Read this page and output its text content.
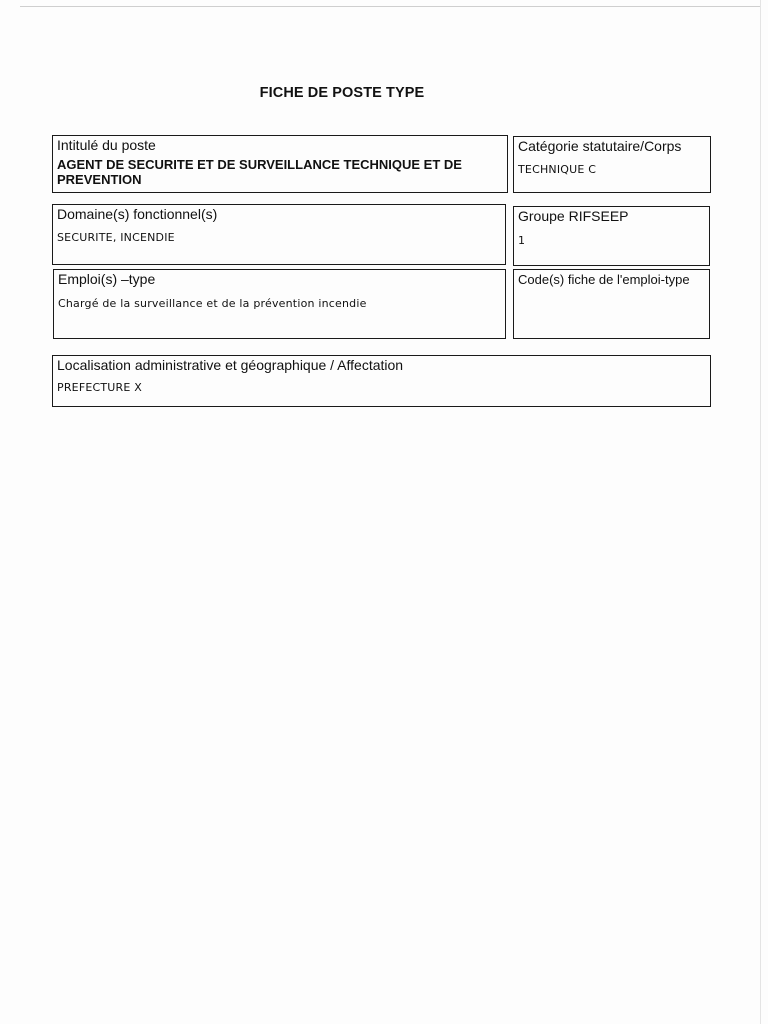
FICHE DE POSTE TYPE
Intitulé du poste
AGENT DE SECURITE ET DE SURVEILLANCE TECHNIQUE ET DE PREVENTION
Catégorie statutaire/Corps
TECHNIQUE C
Domaine(s) fonctionnel(s)
SECURITE, INCENDIE
Groupe RIFSEEP
1
Emploi(s) –type
Chargé de la surveillance et de la prévention incendie
Code(s) fiche de l'emploi-type
Localisation administrative et géographique / Affectation
PREFECTURE X
